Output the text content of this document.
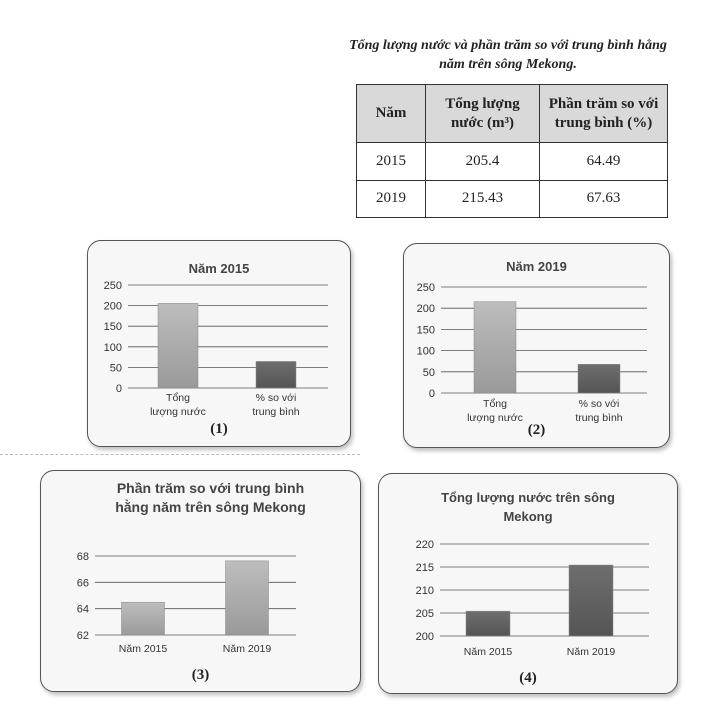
Tổng lượng nước và phần trăm so với trung bình hằng năm trên sông Mekong.
Năm	Tổng lượng nước (m³)	Phần trăm so với trung bình (%)
2015	205.4	64.49
2019	215.43	67.63
Năm 2015
0
50
100
150
200
250
Tổng lượng nước
% so với trung bình
(1)
Năm 2019
0
50
100
150
200
250
Tổng lượng nước
% so với trung bình
(2)
Phần trăm so với trung bình hằng năm trên sông Mekong
62
64
66
68
Năm 2015	Năm 2019
(3)
Tổng lượng nước trên sông Mekong
200
205
210
215
220
Năm 2015	Năm 2019
(4)
